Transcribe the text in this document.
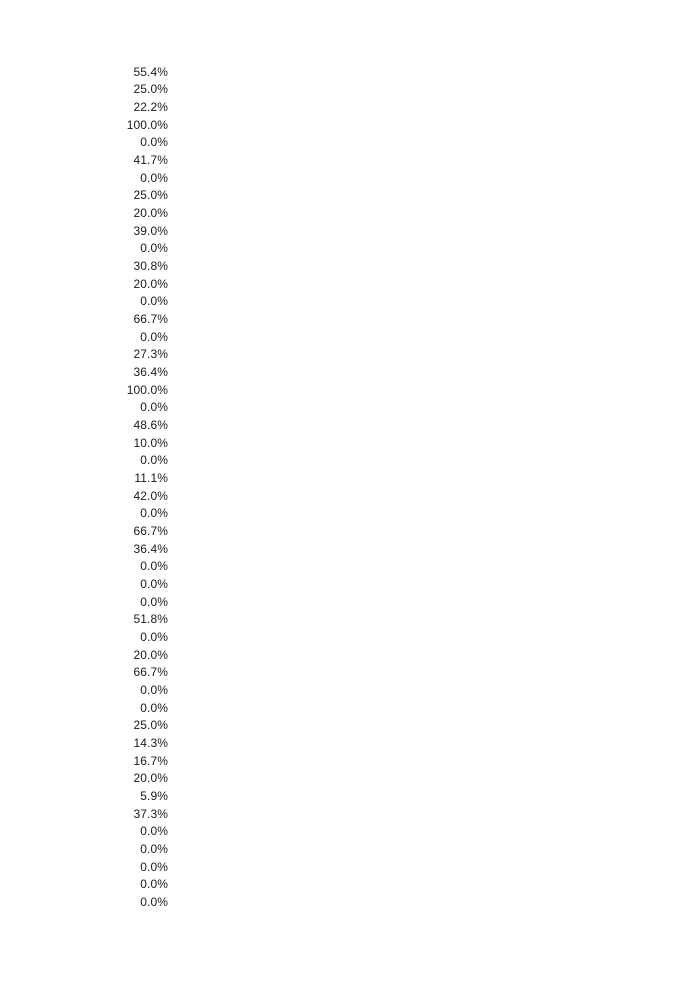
55.4%
25.0%
22.2%
100.0%
0.0%
41.7%
0.0%
25.0%
20.0%
39.0%
0.0%
30.8%
20.0%
0.0%
66.7%
0.0%
27.3%
36.4%
100.0%
0.0%
48.6%
10.0%
0.0%
11.1%
42.0%
0.0%
66.7%
36.4%
0.0%
0.0%
0.0%
51.8%
0.0%
20.0%
66.7%
0.0%
0.0%
25.0%
14.3%
16.7%
20.0%
5.9%
37.3%
0.0%
0.0%
0.0%
0.0%
0.0%
